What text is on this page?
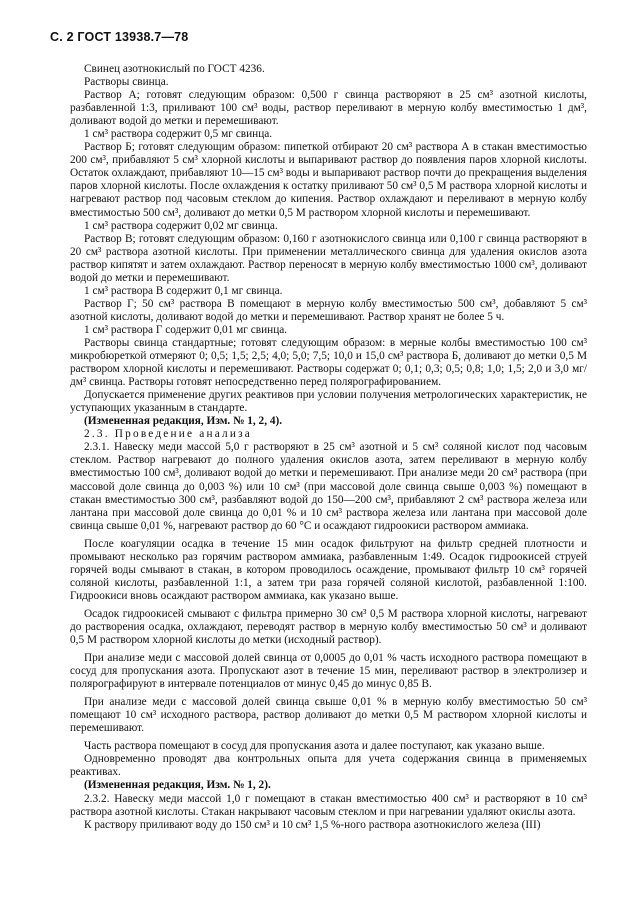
С. 2 ГОСТ 13938.7—78

Свинец азотнокислый по ГОСТ 4236.

Растворы свинца.

Раствор А; готовят следующим образом: 0,500 г свинца растворяют в 25 см³ азотной кислоты, разбавленной 1:3, приливают 100 см³ воды, раствор переливают в мерную колбу вместимостью 1 дм³, доливают водой до метки и перемешивают.

1 см³ раствора содержит 0,5 мг свинца.

Раствор Б; готовят следующим образом: пипеткой отбирают 20 см³ раствора А в стакан вместимостью 200 см³, прибавляют 5 см³ хлорной кислоты и выпаривают раствор до появления паров хлорной кислоты. Остаток охлаждают, прибавляют 10—15 см³ воды и выпаривают раствор почти до прекращения выделения паров хлорной кислоты. После охлаждения к остатку приливают 50 см³ 0,5 М раствора хлорной кислоты и нагревают раствор под часовым стеклом до кипения. Раствор охлаждают и переливают в мерную колбу вместимостью 500 см³, доливают до метки 0,5 М раствором хлорной кислоты и перемешивают.

1 см³ раствора содержит 0,02 мг свинца.

Раствор В; готовят следующим образом: 0,160 г азотнокислого свинца или 0,100 г свинца растворяют в 20 см³ раствора азотной кислоты. При применении металлического свинца для удаления окислов азота раствор кипятят и затем охлаждают. Раствор переносят в мерную колбу вместимостью 1000 см³, доливают водой до метки и перемешивают.

1 см³ раствора В содержит 0,1 мг свинца.

Раствор Г; 50 см³ раствора В помещают в мерную колбу вместимостью 500 см³, добавляют 5 см³ азотной кислоты, доливают водой до метки и перемешивают. Раствор хранят не более 5 ч.

1 см³ раствора Г содержит 0,01 мг свинца.

Растворы свинца стандартные; готовят следующим образом: в мерные колбы вместимостью 100 см³ микробюреткой отмеряют 0; 0,5; 1,5; 2,5; 4,0; 5,0; 7,5; 10,0 и 15,0 см³ раствора Б, доливают до метки 0,5 М раствором хлорной кислоты и перемешивают. Растворы содержат 0; 0,1; 0,3; 0,5; 0,8; 1,0; 1,5; 2,0 и 3,0 мг/дм³ свинца. Растворы готовят непосредственно перед полярографированием.

Допускается применение других реактивов при условии получения метрологических характеристик, не уступающих указанным в стандарте.

(Измененная редакция, Изм. № 1, 2, 4).

2.3. Проведение анализа

2.3.1. Навеску меди массой 5,0 г растворяют в 25 см³ азотной и 5 см³ соляной кислот под часовым стеклом. Раствор нагревают до полного удаления окислов азота, затем переливают в мерную колбу вместимостью 100 см³, доливают водой до метки и перемешивают. При анализе меди 20 см³ раствора (при массовой доле свинца до 0,003 %) или 10 см³ (при массовой доле свинца свыше 0,003 %) помещают в стакан вместимостью 300 см³, разбавляют водой до 150—200 см³, прибавляют 2 см³ раствора железа или лантана при массовой доле свинца до 0,01 % и 10 см³ раствора железа или лантана при массовой доле свинца свыше 0,01 %, нагревают раствор до 60 °С и осаждают гидроокиси раствором аммиака.

После коагуляции осадка в течение 15 мин осадок фильтруют на фильтр средней плотности и промывают несколько раз горячим раствором аммиака, разбавленным 1:49. Осадок гидроокисей струей горячей воды смывают в стакан, в котором проводилось осаждение, промывают фильтр 10 см³ горячей соляной кислоты, разбавленной 1:1, а затем три раза горячей соляной кислотой, разбавленной 1:100. Гидроокиси вновь осаждают раствором аммиака, как указано выше.

Осадок гидроокисей смывают с фильтра примерно 30 см³ 0,5 М раствора хлорной кислоты, нагревают до растворения осадка, охлаждают, переводят раствор в мерную колбу вместимостью 50 см³ и доливают 0,5 М раствором хлорной кислоты до метки (исходный раствор).

При анализе меди с массовой долей свинца от 0,0005 до 0,01 % часть исходного раствора помещают в сосуд для пропускания азота. Пропускают азот в течение 15 мин, переливают раствор в электролизер и полярографируют в интервале потенциалов от минус 0,45 до минус 0,85 В.

При анализе меди с массовой долей свинца свыше 0,01 % в мерную колбу вместимостью 50 см³ помещают 10 см³ исходного раствора, раствор доливают до метки 0,5 М раствором хлорной кислоты и перемешивают.

Часть раствора помещают в сосуд для пропускания азота и далее поступают, как указано выше.

Одновременно проводят два контрольных опыта для учета содержания свинца в применяемых реактивах.

(Измененная редакция, Изм. № 1, 2).

2.3.2. Навеску меди массой 1,0 г помещают в стакан вместимостью 400 см³ и растворяют в 10 см³ раствора азотной кислоты. Стакан накрывают часовым стеклом и при нагревании удаляют окислы азота.

К раствору приливают воду до 150 см³ и 10 см³ 1,5 %-ного раствора азотнокислого железа (III)
